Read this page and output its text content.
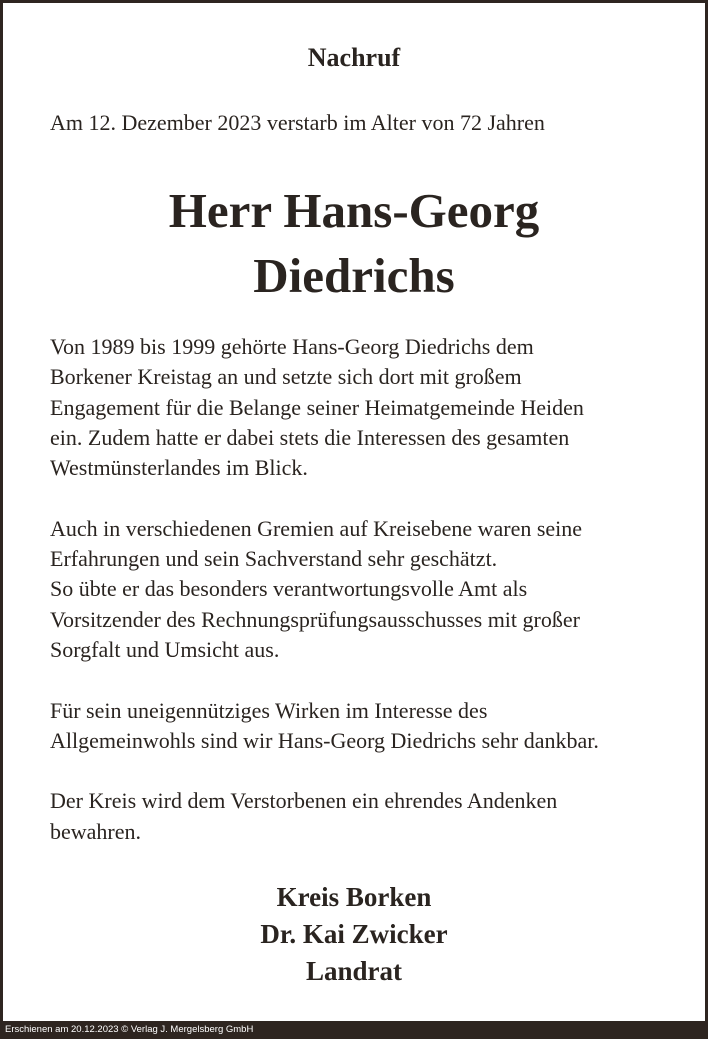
Nachruf
Am 12. Dezember 2023 verstarb im Alter von 72 Jahren
Herr Hans-Georg
Diedrichs
Von 1989 bis 1999 gehörte Hans-Georg Diedrichs dem
Borkener Kreistag an und setzte sich dort mit großem
Engagement für die Belange seiner Heimatgemeinde Heiden
ein. Zudem hatte er dabei stets die Interessen des gesamten
Westmünsterlandes im Blick.
Auch in verschiedenen Gremien auf Kreisebene waren seine
Erfahrungen und sein Sachverstand sehr geschätzt.
So übte er das besonders verantwortungsvolle Amt als
Vorsitzender des Rechnungsprüfungsausschusses mit großer
Sorgfalt und Umsicht aus.
Für sein uneigennütziges Wirken im Interesse des
Allgemeinwohls sind wir Hans-Georg Diedrichs sehr dankbar.
Der Kreis wird dem Verstorbenen ein ehrendes Andenken
bewahren.
Kreis Borken
Dr. Kai Zwicker
Landrat
Erschienen am 20.12.2023 © Verlag J. Mergelsberg GmbH
